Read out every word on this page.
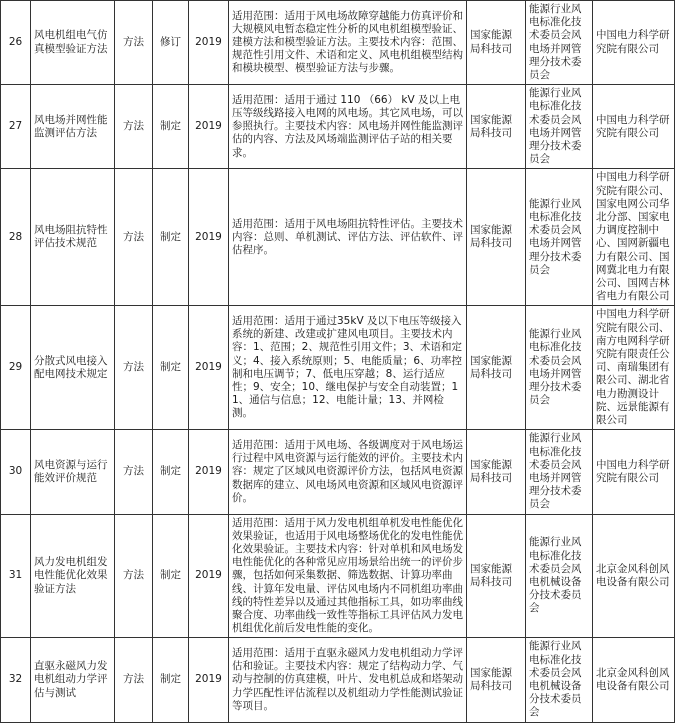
26	风电机组电气仿真模型验证方法	方法	修订	2019	适用范围：适用于风电场故障穿越能力仿真评价和大规模风电暂态稳定性分析的风电机组模型验证、建模方法和模型验证方法。主要技术内容：范围、规范性引用文件、术语和定义、风电机组模型结构和模块模型、模型验证方法与步骤。	国家能源局科技司	能源行业风电标准化技术委员会风电场并网管理分技术委员会	中国电力科学研究院有限公司
27	风电场并网性能监测评估方法	方法	制定	2019	适用范围：适用于通过 110 （66） kV 及以上电压等级线路接入电网的风电场。其它风电场，可以参照执行。主要技术内容：风电场并网性能监测评估的内容、方法及风场端监测评估子站的相关要求。	国家能源局科技司	能源行业风电标准化技术委员会风电场并网管理分技术委员会	中国电力科学研究院有限公司
28	风电场阻抗特性评估技术规范	方法	制定	2019	适用范围：适用于风电场阻抗特性评估。主要技术内容：总则、单机测试、评估方法、评估软件、评估程序。	国家能源局科技司	能源行业风电标准化技术委员会风电场并网管理分技术委员会	中国电力科学研究院有限公司、国家电网公司华北分部、国家电力调度控制中心、国网新疆电力有限公司、国网冀北电力有限公司、国网吉林省电力有限公司
29	分散式风电接入配电网技术规定	方法	制定	2019	适用范围：适用于通过35kV 及以下电压等级接入系统的新建、改建或扩建风电项目。主要技术内容：1、范围；2、规范性引用文件；3、术语和定义；4、接入系统原则；5、电能质量；6、功率控制和电压调节；7、低电压穿越；8、运行适应性；9、安全；10、继电保护与安全自动装置；11、通信与信息；12、电能计量；13、并网检测。	国家能源局科技司	能源行业风电标准化技术委员会风电场并网管理分技术委员会	中国电力科学研究院有限公司、南方电网科学研究院有限责任公司、南瑞集团有限公司、湖北省电力勘测设计院、远景能源有限公司
30	风电资源与运行能效评价规范	方法	制定	2019	适用范围：适用于风电场、各级调度对于风电场运行过程中风电资源与运行能效的评价。主要技术内容：规定了区域风电资源评价方法，包括风电资源数据库的建立、风电场风电资源和区域风电资源评价。	国家能源局科技司	能源行业风电标准化技术委员会风电场并网管理分技术委员会	中国电力科学研究院有限公司
31	风力发电机组发电性能优化效果验证方法	方法	制定	2019	适用范围：适用于风力发电机组单机发电性能优化效果验证，也适用于风电场整场优化的发电性能优化效果验证。主要技术内容：针对单机和风电场发电性能优化的各种常见应用场景给出统一的评价步骤，包括如何采集数据、筛选数据、计算功率曲线、计算年发电量、评估风电场内不同机组功率曲线的特性差异以及通过其他指标工具，如功率曲线聚合度、功率曲线一致性等指标工具评估风力发电机组优化前后发电性能的变化。	国家能源局科技司	能源行业风电标准化技术委员会风电机械设备分技术委员会	北京金风科创风电设备有限公司
32	直驱永磁风力发电机组动力学评估与测试	方法	制定	2019	适用范围：适用于直驱永磁风力发电机组动力学评估和验证。主要技术内容：规定了结构动力学、气动与控制的仿真建模，叶片、发电机总成和塔架动力学匹配性评估流程以及机组动力学性能测试验证等项目。	国家能源局科技司	能源行业风电标准化技术委员会风电机械设备分技术委员会	北京金风科创风电设备有限公司
